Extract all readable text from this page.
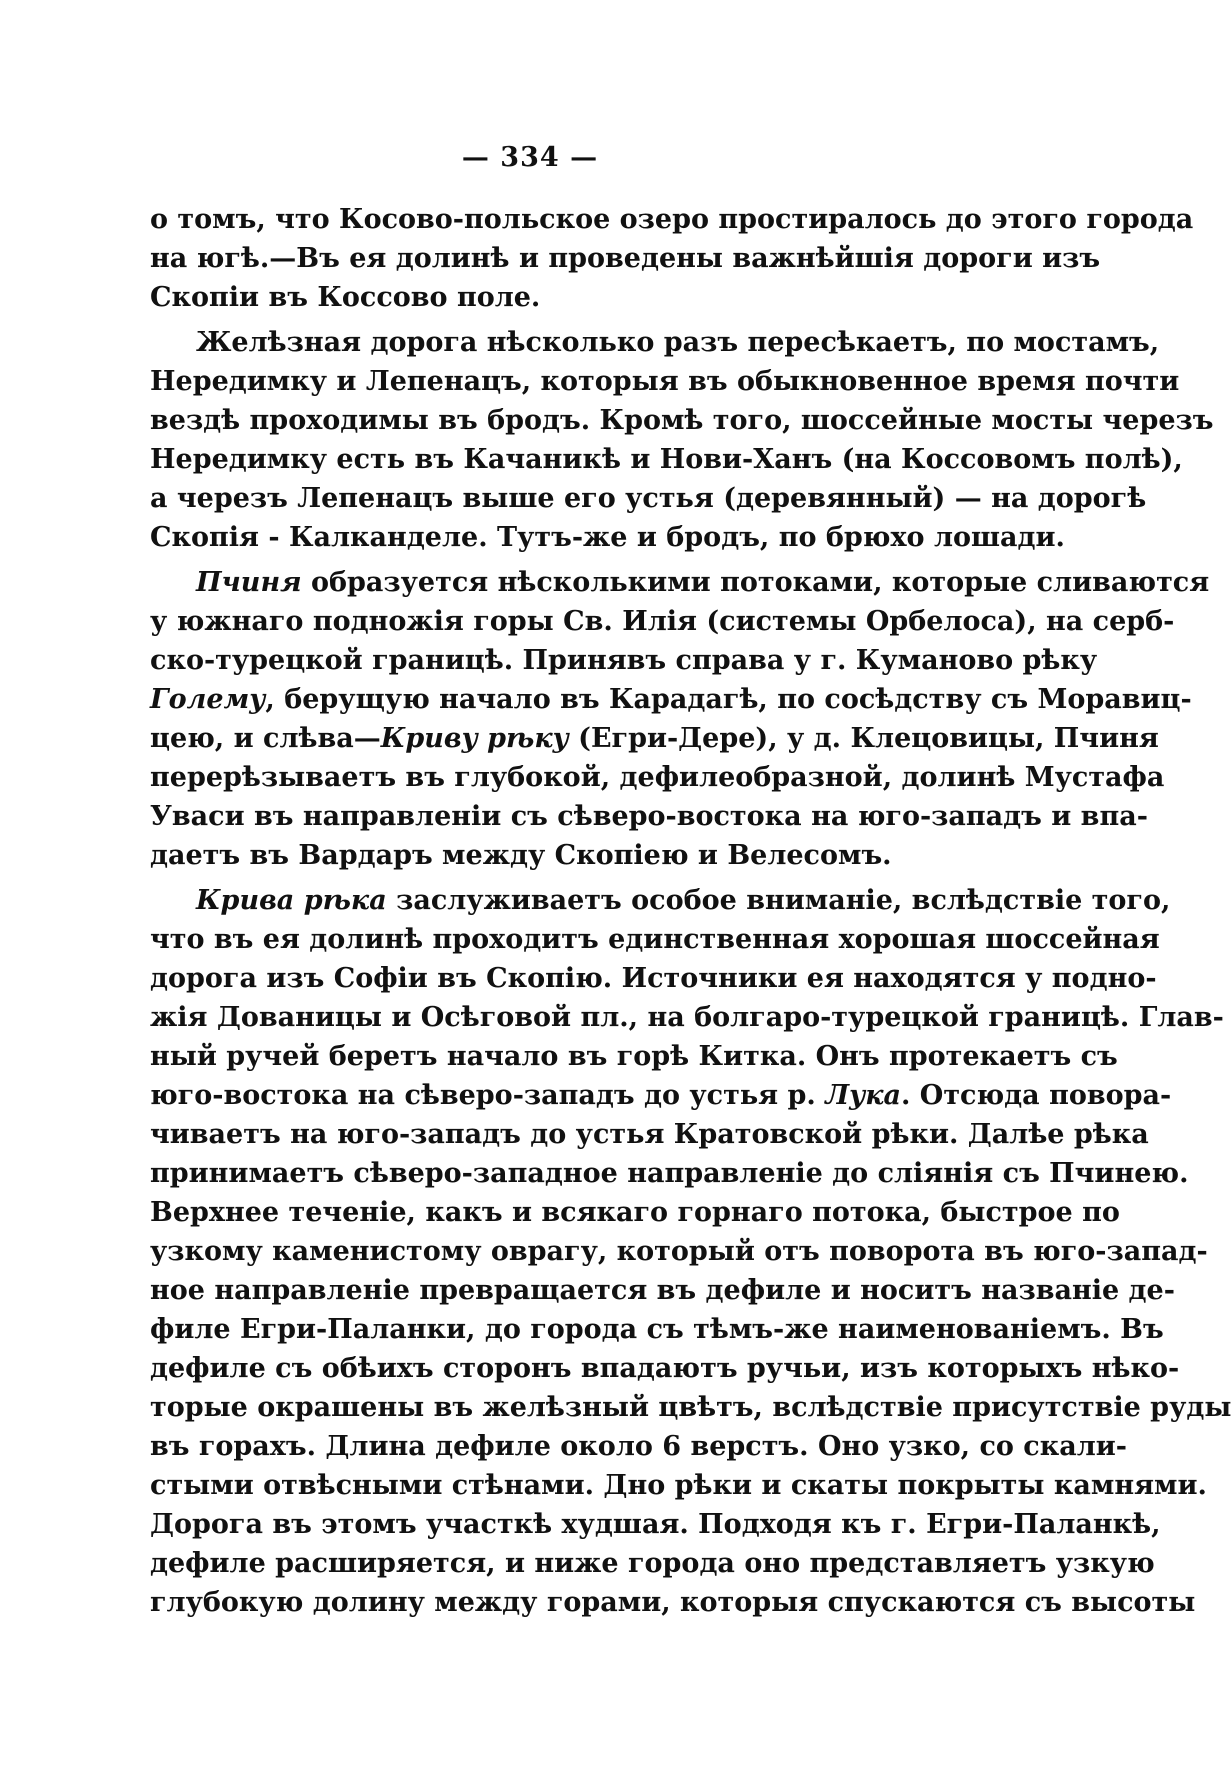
— 334 —
о томъ, что Косово-польское озеро простиралось до этого города
на югѣ.—Въ ея долинѣ и проведены важнѣйшія дороги изъ
Скопіи въ Коссово поле.
Желѣзная дорога нѣсколько разъ пересѣкаетъ, по мостамъ,
Нередимку и Лепенацъ, которыя въ обыкновенное время почти
вездѣ проходимы въ бродъ. Кромѣ того, шоссейные мосты черезъ
Нередимку есть въ Качаникѣ и Нови-Ханъ (на Коссовомъ полѣ),
а черезъ Лепенацъ выше его устья (деревянный) — на дорогѣ
Скопія - Калканделе. Тутъ-же и бродъ, по брюхо лошади.
Пчиня образуется нѣсколькими потоками, которые сливаются
у южнаго подножія горы Св. Илія (системы Орбелоса), на серб-
ско-турецкой границѣ. Принявъ справа у г. Куманово рѣку
Голему, берущую начало въ Карадагѣ, по сосѣдству съ Моравиц-
цею, и слѣва—Криву рѣку (Егри-Дере), у д. Клецовицы, Пчиня
перерѣзываетъ въ глубокой, дефилеобразной, долинѣ Мустафа
Уваси въ направленіи съ сѣверо-востока на юго-западъ и впа-
даетъ въ Вардаръ между Скопіею и Велесомъ.
Крива рѣка заслуживаетъ особое вниманіе, вслѣдствіе того,
что въ ея долинѣ проходитъ единственная хорошая шоссейная
дорога изъ Софіи въ Скопію. Источники ея находятся у подно-
жія Дованицы и Осѣговой пл., на болгаро-турецкой границѣ. Глав-
ный ручей беретъ начало въ горѣ Китка. Онъ протекаетъ съ
юго-востока на сѣверо-западъ до устья р. Лука. Отсюда повора-
чиваетъ на юго-западъ до устья Кратовской рѣки. Далѣе рѣка
принимаетъ сѣверо-западное направленіе до сліянія съ Пчинею.
Верхнее теченіе, какъ и всякаго горнаго потока, быстрое по
узкому каменистому оврагу, который отъ поворота въ юго-запад-
ное направленіе превращается въ дефиле и носитъ названіе де-
филе Егри-Паланки, до города съ тѣмъ-же наименованіемъ. Въ
дефиле съ обѣихъ сторонъ впадаютъ ручьи, изъ которыхъ нѣко-
торые окрашены въ желѣзный цвѣтъ, вслѣдствіе присутствіе руды
въ горахъ. Длина дефиле около 6 верстъ. Оно узко, со скали-
стыми отвѣсными стѣнами. Дно рѣки и скаты покрыты камнями.
Дорога въ этомъ участкѣ худшая. Подходя къ г. Егри-Паланкѣ,
дефиле расширяется, и ниже города оно представляетъ узкую
глубокую долину между горами, которыя спускаются съ высоты
